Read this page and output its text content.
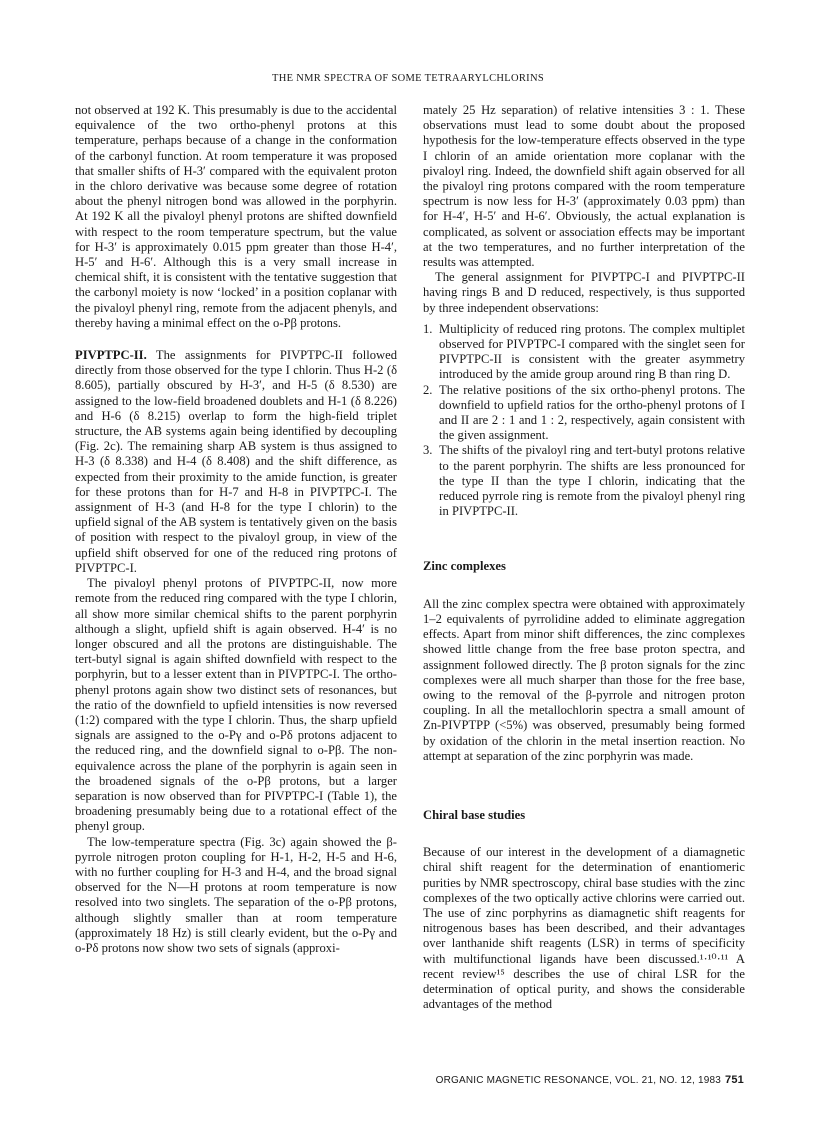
THE NMR SPECTRA OF SOME TETRAARYLCHLORINS

not observed at 192 K. This presumably is due to the accidental equivalence of the two ortho-phenyl protons at this temperature, perhaps because of a change in the conformation of the carbonyl function. At room temperature it was proposed that smaller shifts of H-3′ compared with the equivalent proton in the chloro derivative was because some degree of rotation about the phenyl nitrogen bond was allowed in the porphyrin. At 192 K all the pivaloyl phenyl protons are shifted downfield with respect to the room temperature spectrum, but the value for H-3′ is approximately 0.015 ppm greater than those H-4′, H-5′ and H-6′. Although this is a very small increase in chemical shift, it is consistent with the tentative suggestion that the carbonyl moiety is now ‘locked’ in a position coplanar with the pivaloyl phenyl ring, remote from the adjacent phenyls, and thereby having a minimal effect on the o-Pβ protons.

PIVPTPC-II. The assignments for PIVPTPC-II followed directly from those observed for the type I chlorin. Thus H-2 (δ 8.605), partially obscured by H-3′, and H-5 (δ 8.530) are assigned to the low-field broadened doublets and H-1 (δ 8.226) and H-6 (δ 8.215) overlap to form the high-field triplet structure, the AB systems again being identified by decoupling (Fig. 2c). The remaining sharp AB system is thus assigned to H-3 (δ 8.338) and H-4 (δ 8.408) and the shift difference, as expected from their proximity to the amide function, is greater for these protons than for H-7 and H-8 in PIVPTPC-I. The assignment of H-3 (and H-8 for the type I chlorin) to the upfield signal of the AB system is tentatively given on the basis of position with respect to the pivaloyl group, in view of the upfield shift observed for one of the reduced ring protons of PIVPTPC-I.

The pivaloyl phenyl protons of PIVPTPC-II, now more remote from the reduced ring compared with the type I chlorin, all show more similar chemical shifts to the parent porphyrin although a slight, upfield shift is again observed. H-4′ is no longer obscured and all the protons are distinguishable. The tert-butyl signal is again shifted downfield with respect to the porphyrin, but to a lesser extent than in PIVPTPC-I. The ortho-phenyl protons again show two distinct sets of resonances, but the ratio of the downfield to upfield intensities is now reversed (1:2) compared with the type I chlorin. Thus, the sharp upfield signals are assigned to the o-Pγ and o-Pδ protons adjacent to the reduced ring, and the downfield signal to o-Pβ. The non-equivalence across the plane of the porphyrin is again seen in the broadened signals of the o-Pβ protons, but a larger separation is now observed than for PIVPTPC-I (Table 1), the broadening presumably being due to a rotational effect of the phenyl group.

The low-temperature spectra (Fig. 3c) again showed the β-pyrrole nitrogen proton coupling for H-1, H-2, H-5 and H-6, with no further coupling for H-3 and H-4, and the broad signal observed for the N—H protons at room temperature is now resolved into two singlets. The separation of the o-Pβ protons, although slightly smaller than at room temperature (approximately 18 Hz) is still clearly evident, but the o-Pγ and o-Pδ protons now show two sets of signals (approxi-

mately 25 Hz separation) of relative intensities 3 : 1. These observations must lead to some doubt about the proposed hypothesis for the low-temperature effects observed in the type I chlorin of an amide orientation more coplanar with the pivaloyl ring. Indeed, the downfield shift again observed for all the pivaloyl ring protons compared with the room temperature spectrum is now less for H-3′ (approximately 0.03 ppm) than for H-4′, H-5′ and H-6′. Obviously, the actual explanation is complicated, as solvent or association effects may be important at the two temperatures, and no further interpretation of the results was attempted.

The general assignment for PIVPTPC-I and PIVPTPC-II having rings B and D reduced, respectively, is thus supported by three independent observations:

1. Multiplicity of reduced ring protons. The complex multiplet observed for PIVPTPC-I compared with the singlet seen for PIVPTPC-II is consistent with the greater asymmetry introduced by the amide group around ring B than ring D.
2. The relative positions of the six ortho-phenyl protons. The downfield to upfield ratios for the ortho-phenyl protons of I and II are 2 : 1 and 1 : 2, respectively, again consistent with the given assignment.
3. The shifts of the pivaloyl ring and tert-butyl protons relative to the parent porphyrin. The shifts are less pronounced for the type II than the type I chlorin, indicating that the reduced pyrrole ring is remote from the pivaloyl phenyl ring in PIVPTPC-II.
Zinc complexes

All the zinc complex spectra were obtained with approximately 1–2 equivalents of pyrrolidine added to eliminate aggregation effects. Apart from minor shift differences, the zinc complexes showed little change from the free base proton spectra, and assignment followed directly. The β proton signals for the zinc complexes were all much sharper than those for the free base, owing to the removal of the β-pyrrole and nitrogen proton coupling. In all the metallochlorin spectra a small amount of Zn-PIVPTPP (<5%) was observed, presumably being formed by oxidation of the chlorin in the metal insertion reaction. No attempt at separation of the zinc porphyrin was made.

Chiral base studies

Because of our interest in the development of a diamagnetic chiral shift reagent for the determination of enantiomeric purities by NMR spectroscopy, chiral base studies with the zinc complexes of the two optically active chlorins were carried out. The use of zinc porphyrins as diamagnetic shift reagents for nitrogenous bases has been described, and their advantages over lanthanide shift reagents (LSR) in terms of specificity with multifunctional ligands have been discussed.¹·¹⁰·¹¹ A recent review¹⁵ describes the use of chiral LSR for the determination of optical purity, and shows the considerable advantages of the method

ORGANIC MAGNETIC RESONANCE, VOL. 21, NO. 12, 1983 751
